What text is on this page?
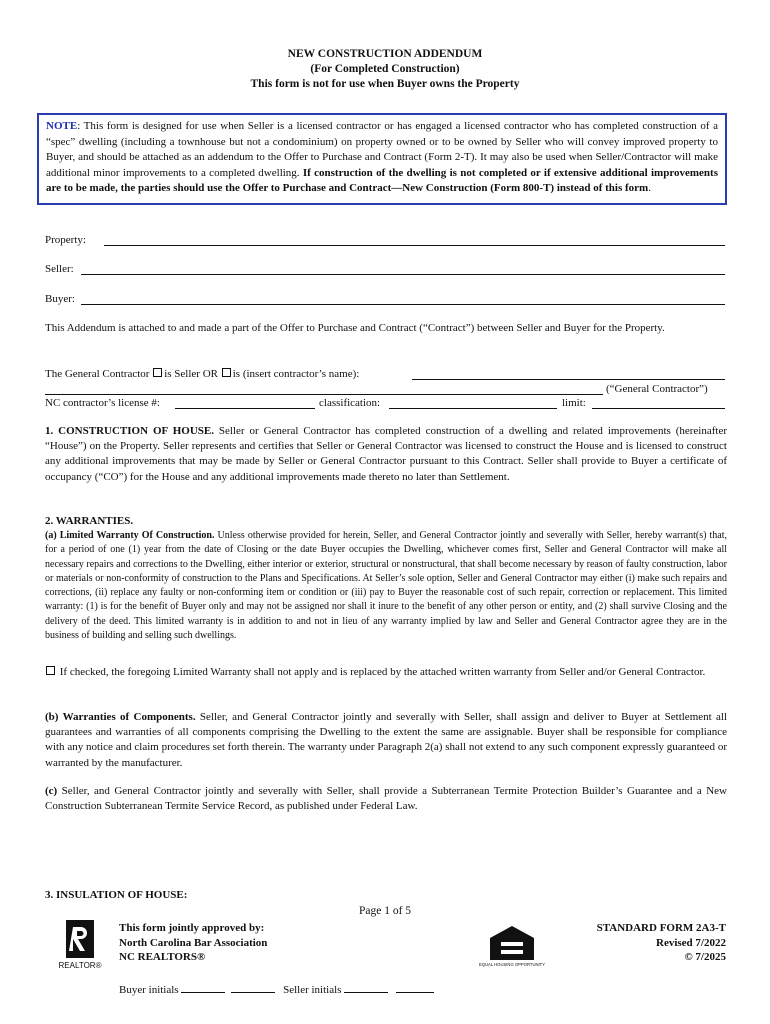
NEW CONSTRUCTION ADDENDUM
(For Completed Construction)
This form is not for use when Buyer owns the Property
NOTE: This form is designed for use when Seller is a licensed contractor or has engaged a licensed contractor who has completed construction of a “spec” dwelling (including a townhouse but not a condominium) on property owned or to be owned by Seller who will convey improved property to Buyer, and should be attached as an addendum to the Offer to Purchase and Contract (Form 2-T). It may also be used when Seller/Contractor will make additional minor improvements to a completed dwelling. If construction of the dwelling is not completed or if extensive additional improvements are to be made, the parties should use the Offer to Purchase and Contract—New Construction (Form 800-T) instead of this form.
Property:
Seller:
Buyer:
This Addendum is attached to and made a part of the Offer to Purchase and Contract (“Contract”) between Seller and Buyer for the Property.
The General Contractor is Seller OR is (insert contractor’s name):
(“General Contractor”)
NC contractor’s license #:	classification:	limit:
1. CONSTRUCTION OF HOUSE. Seller or General Contractor has completed construction of a dwelling and related improvements (hereinafter “House”) on the Property. Seller represents and certifies that Seller or General Contractor was licensed to construct the House and is licensed to construct any additional improvements that may be made by Seller or General Contractor pursuant to this Contract. Seller shall provide to Buyer a certificate of occupancy (“CO”) for the House and any additional improvements made thereto no later than Settlement.
2. WARRANTIES.
(a) Limited Warranty Of Construction. Unless otherwise provided for herein, Seller, and General Contractor jointly and severally with Seller, hereby warrant(s) that, for a period of one (1) year from the date of Closing or the date Buyer occupies the Dwelling, whichever comes first, Seller and General Contractor will make all necessary repairs and corrections to the Dwelling, either interior or exterior, structural or nonstructural, that shall become necessary by reason of faulty construction, labor or materials or non-conformity of construction to the Plans and Specifications. At Seller’s sole option, Seller and General Contractor may either (i) make such repairs and corrections, (ii) replace any faulty or non-conforming item or condition or (iii) pay to Buyer the reasonable cost of such repair, correction or replacement. This limited warranty: (1) is for the benefit of Buyer only and may not be assigned nor shall it inure to the benefit of any other person or entity, and (2) shall survive Closing and the delivery of the deed. This limited warranty is in addition to and not in lieu of any warranty implied by law and Seller and General Contractor agree they are in the business of building and selling such dwellings.
If checked, the foregoing Limited Warranty shall not apply and is replaced by the attached written warranty from Seller and/or General Contractor.
(b) Warranties of Components. Seller, and General Contractor jointly and severally with Seller, shall assign and deliver to Buyer at Settlement all guarantees and warranties of all components comprising the Dwelling to the extent the same are assignable. Buyer shall be responsible for compliance with any notice and claim procedures set forth therein. The warranty under Paragraph 2(a) shall not extend to any such component expressly guaranteed or warranted by the manufacturer.
(c) Seller, and General Contractor jointly and severally with Seller, shall provide a Subterranean Termite Protection Builder’s Guarantee and a New Construction Subterranean Termite Service Record, as published under Federal Law.
3. INSULATION OF HOUSE:
Page 1 of 5
REALTOR®
This form jointly approved by:
North Carolina Bar Association
NC REALTORS®
EQUAL HOUSING OPPORTUNITY
STANDARD FORM 2A3-T
Revised 7/2022
© 7/2025
Buyer initials	Seller initials
